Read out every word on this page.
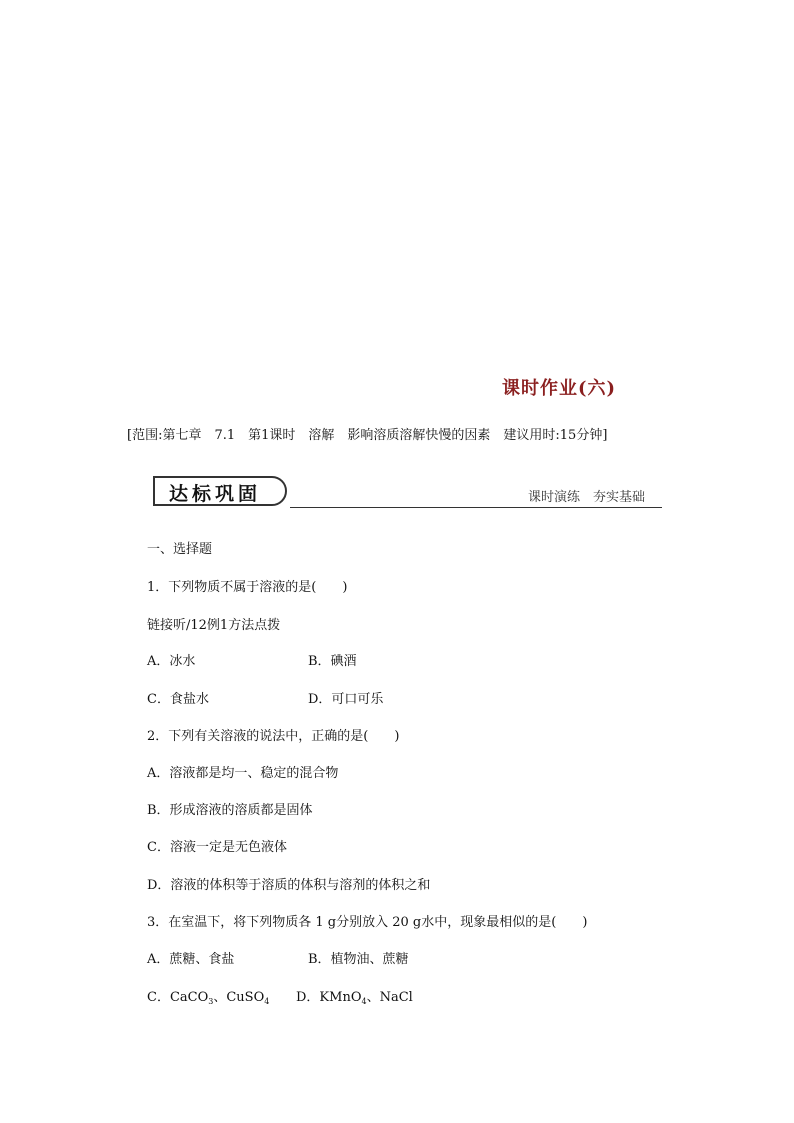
课时作业(六)
[范围:第七章　7.1　第1课时　溶解　影响溶质溶解快慢的因素　建议用时:15分钟]
达标巩固	课时演练　夯实基础
一、选择题
1．下列物质不属于溶液的是(　　)
链接听/12例1方法点拨
A．冰水	B．碘酒
C．食盐水	D．可口可乐
2．下列有关溶液的说法中，正确的是(　　)
A．溶液都是均一、稳定的混合物
B．形成溶液的溶质都是固体
C．溶液一定是无色液体
D．溶液的体积等于溶质的体积与溶剂的体积之和
3．在室温下，将下列物质各 1 g分别放入 20 g水中，现象最相似的是(　　)
A．蔗糖、食盐	B．植物油、蔗糖
C．CaCO$_3$、CuSO$_4$ D．KMnO$_4$、NaCl
